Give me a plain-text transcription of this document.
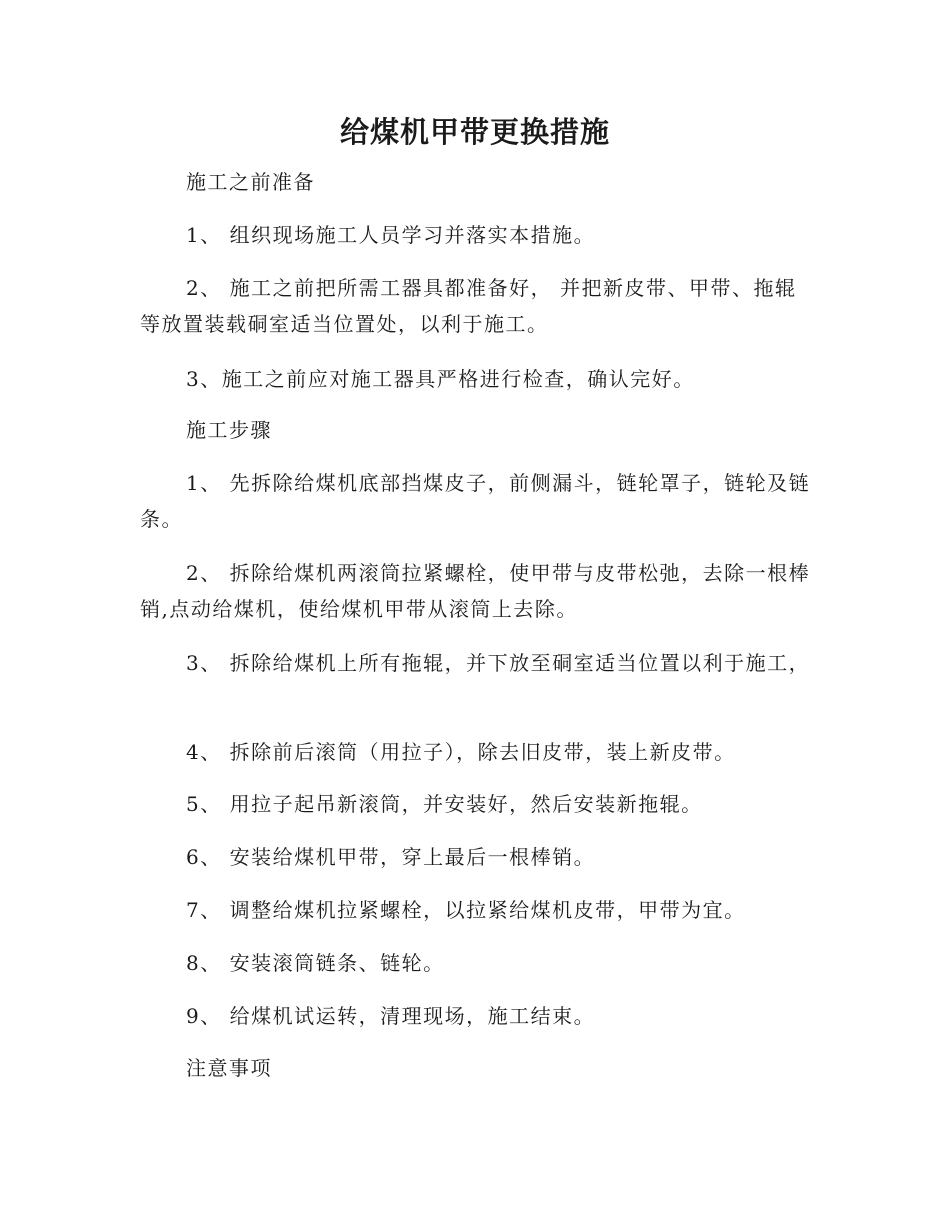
给煤机甲带更换措施

施工之前准备

1、 组织现场施工人员学习并落实本措施。

2、 施工之前把所需工器具都准备好， 并把新皮带、甲带、拖辊等放置装载硐室适当位置处，以利于施工。

3、施工之前应对施工器具严格进行检查，确认完好。

施工步骤

1、 先拆除给煤机底部挡煤皮子，前侧漏斗，链轮罩子，链轮及链条。

2、 拆除给煤机两滚筒拉紧螺栓，使甲带与皮带松弛，去除一根棒销,点动给煤机，使给煤机甲带从滚筒上去除。

3、 拆除给煤机上所有拖辊，并下放至硐室适当位置以利于施工，

4、 拆除前后滚筒（用拉子），除去旧皮带，装上新皮带。

5、 用拉子起吊新滚筒，并安装好，然后安装新拖辊。

6、 安装给煤机甲带，穿上最后一根棒销。

7、 调整给煤机拉紧螺栓，以拉紧给煤机皮带，甲带为宜。

8、 安装滚筒链条、链轮。

9、 给煤机试运转，清理现场，施工结束。

注意事项
